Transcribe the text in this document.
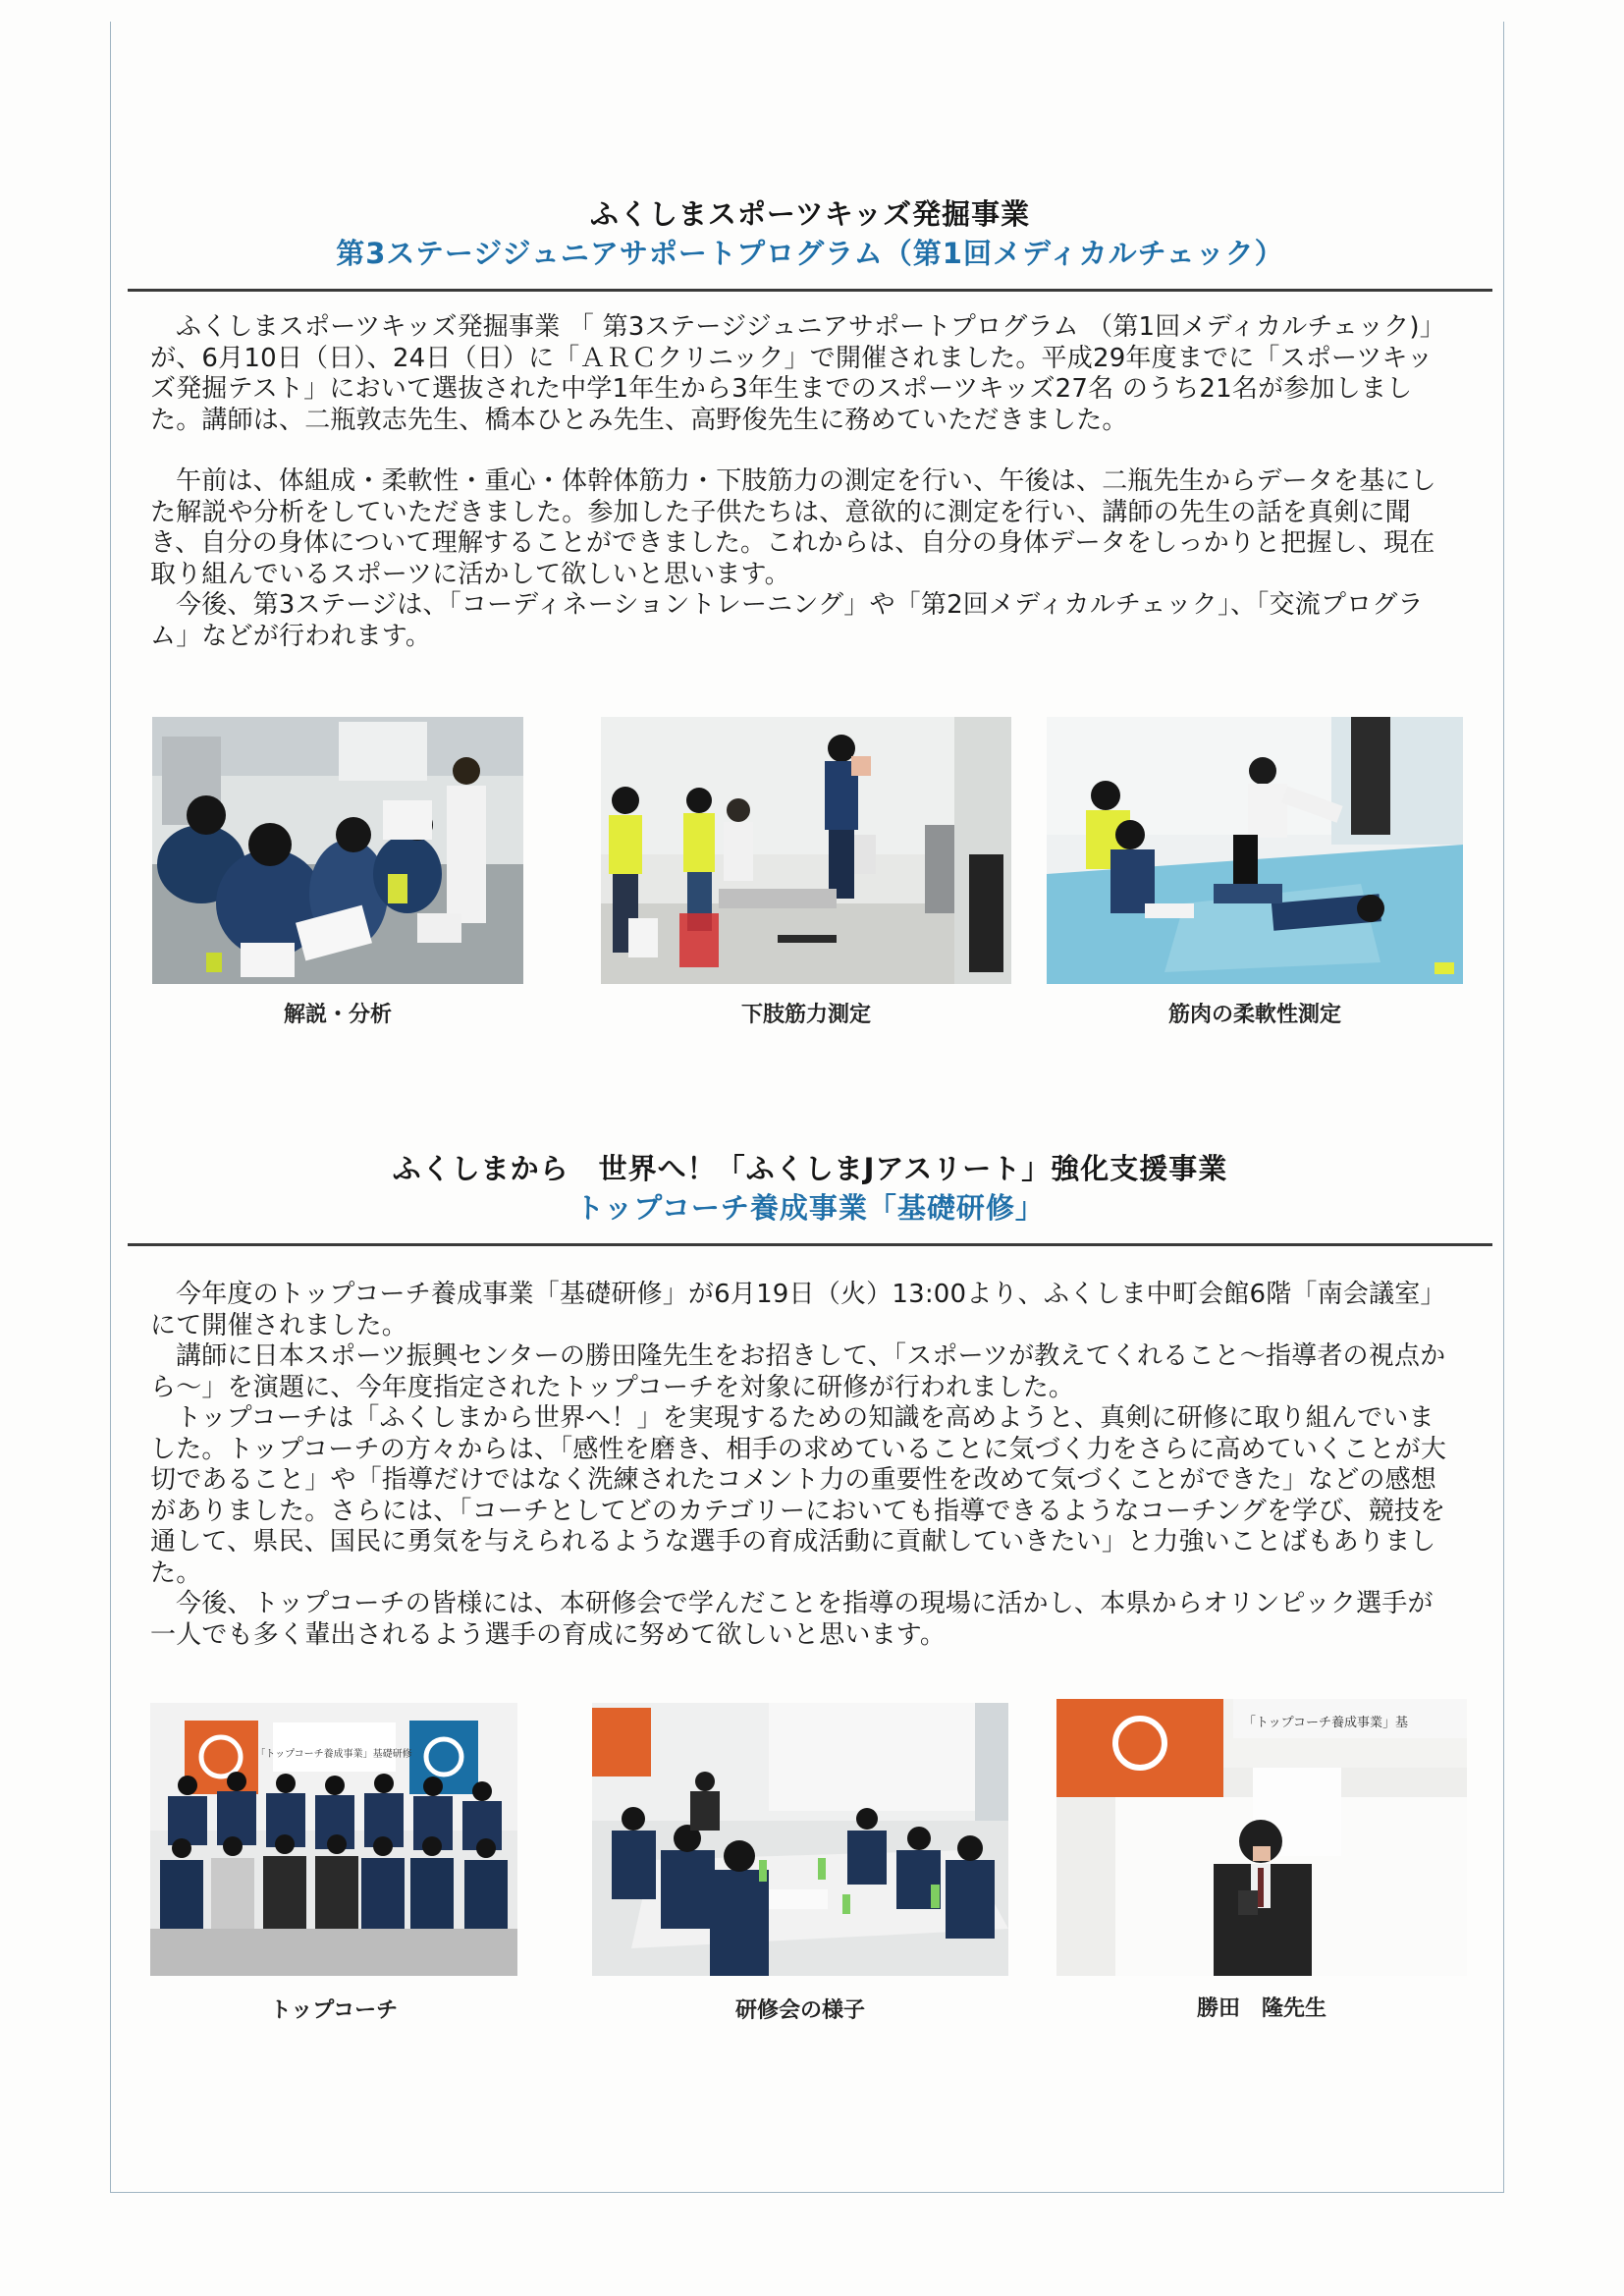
ふくしまスポーツキッズ発掘事業
第3ステージジュニアサポートプログラム（第1回メディカルチェック）

ふくしまスポーツキッズ発掘事業 「 第3ステージジュニアサポートプログラム （第1回メディカルチェック)」が、6月10日（日）、24日（日）に「ＡＲＣクリニック」で開催されました。平成29年度までに「スポーツキッズ発掘テスト」において選抜された中学1年生から3年生までのスポーツキッズ27名 のうち21名が参加しました。講師は、二瓶敦志先生、橋本ひとみ先生、高野俊先生に務めていただきました。

午前は、体組成・柔軟性・重心・体幹体筋力・下肢筋力の測定を行い、午後は、二瓶先生からデータを基にした解説や分析をしていただきました。参加した子供たちは、意欲的に測定を行い、講師の先生の話を真剣に聞き、自分の身体について理解することができました。これからは、自分の身体データをしっかりと把握し、現在取り組んでいるスポーツに活かして欲しいと思います。

今後、第3ステージは、「コーディネーショントレーニング」や「第2回メディカルチェック」、「交流プログラム」などが行われます。

解説・分析	下肢筋力測定	筋肉の柔軟性測定
ふくしまから　世界へ！「ふくしまJアスリート」強化支援事業
トップコーチ養成事業「基礎研修」

今年度のトップコーチ養成事業「基礎研修」が6月19日（火）13:00より、ふくしま中町会館6階「南会議室」にて開催されました。

講師に日本スポーツ振興センターの勝田隆先生をお招きして、「スポーツが教えてくれること～指導者の視点から～」を演題に、今年度指定されたトップコーチを対象に研修が行われました。

トップコーチは「ふくしまから世界へ！」を実現するための知識を高めようと、真剣に研修に取り組んでいました。トップコーチの方々からは、「感性を磨き、相手の求めていることに気づく力をさらに高めていくことが大切であること」や「指導だけではなく洗練されたコメント力の重要性を改めて気づくことができた」などの感想がありました。さらには、「コーチとしてどのカテゴリーにおいても指導できるようなコーチングを学び、競技を通して、県民、国民に勇気を与えられるような選手の育成活動に貢献していきたい」と力強いことばもありました。

今後、トップコーチの皆様には、本研修会で学んだことを指導の現場に活かし、本県からオリンピック選手が一人でも多く輩出されるよう選手の育成に努めて欲しいと思います。

「トップコーチ養成事業」基礎研修
トップコーチ	研修会の様子
「トップコーチ養成事業」基
勝田　隆先生
